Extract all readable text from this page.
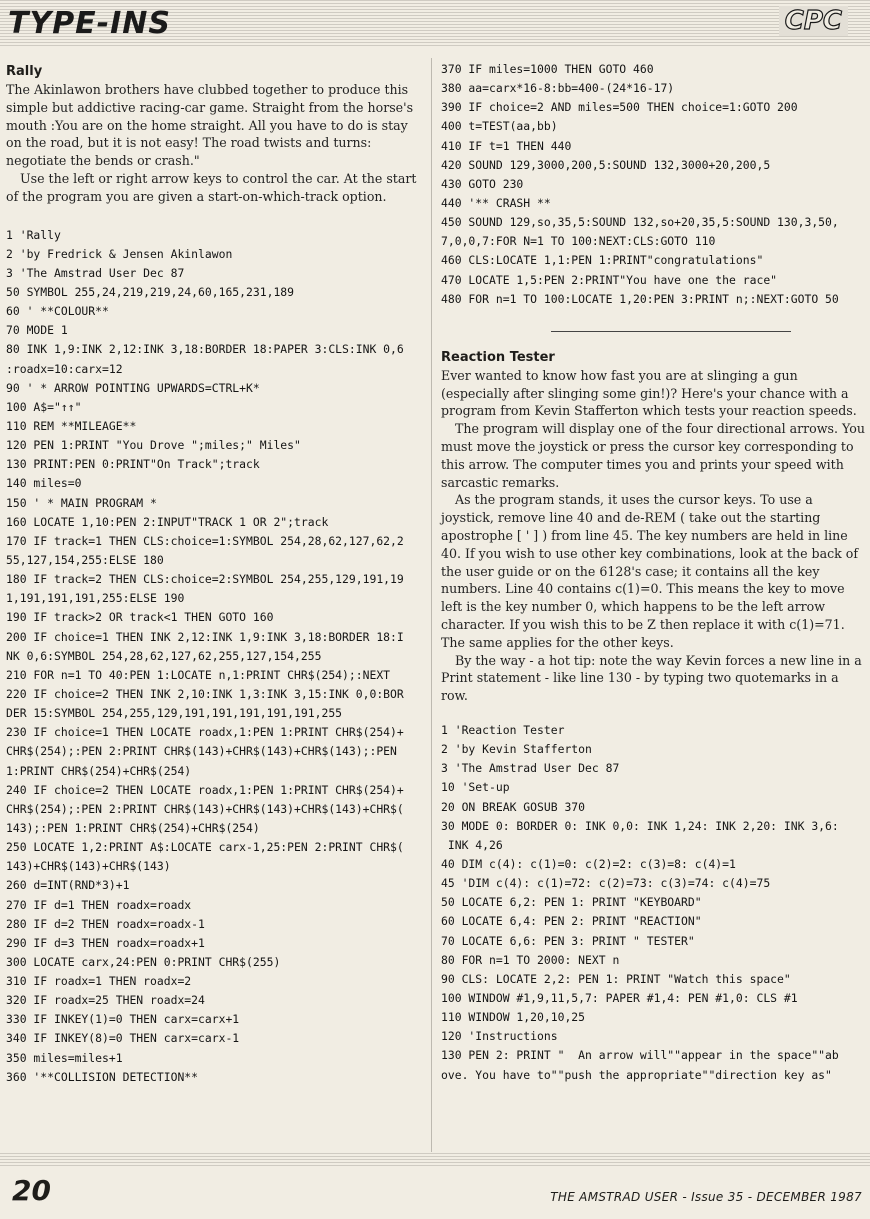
TYPE-INS	CPC
Rally

The Akinlawon brothers have clubbed together to produce this simple but addictive racing-car game. Straight from the horse's mouth :You are on the home straight. All you have to do is stay on the road, but it is not easy! The road twists and turns: negotiate the bends or crash."

Use the left or right arrow keys to control the car. At the start of the program you are given a start-on-which-track option.

1 'Rally
2 'by Fredrick & Jensen Akinlawon
3 'The Amstrad User Dec 87
50 SYMBOL 255,24,219,219,24,60,165,231,189
60 ' **COLOUR**
70 MODE 1
80 INK 1,9:INK 2,12:INK 3,18:BORDER 18:PAPER 3:CLS:INK 0,6
:roadx=10:carx=12
90 ' * ARROW POINTING UPWARDS=CTRL+K*
100 A$="↑↑"
110 REM **MILEAGE**
120 PEN 1:PRINT "You Drove ";miles;" Miles"
130 PRINT:PEN 0:PRINT"On Track";track
140 miles=0
150 ' * MAIN PROGRAM *
160 LOCATE 1,10:PEN 2:INPUT"TRACK 1 OR 2";track
170 IF track=1 THEN CLS:choice=1:SYMBOL 254,28,62,127,62,2
55,127,154,255:ELSE 180
180 IF track=2 THEN CLS:choice=2:SYMBOL 254,255,129,191,19
1,191,191,191,255:ELSE 190
190 IF track>2 OR track<1 THEN GOTO 160
200 IF choice=1 THEN INK 2,12:INK 1,9:INK 3,18:BORDER 18:I
NK 0,6:SYMBOL 254,28,62,127,62,255,127,154,255
210 FOR n=1 TO 40:PEN 1:LOCATE n,1:PRINT CHR$(254);:NEXT
220 IF choice=2 THEN INK 2,10:INK 1,3:INK 3,15:INK 0,0:BOR
DER 15:SYMBOL 254,255,129,191,191,191,191,191,255
230 IF choice=1 THEN LOCATE roadx,1:PEN 1:PRINT CHR$(254)+
CHR$(254);:PEN 2:PRINT CHR$(143)+CHR$(143)+CHR$(143);:PEN
1:PRINT CHR$(254)+CHR$(254)
240 IF choice=2 THEN LOCATE roadx,1:PEN 1:PRINT CHR$(254)+
CHR$(254);:PEN 2:PRINT CHR$(143)+CHR$(143)+CHR$(143)+CHR$(
143);:PEN 1:PRINT CHR$(254)+CHR$(254)
250 LOCATE 1,2:PRINT A$:LOCATE carx-1,25:PEN 2:PRINT CHR$(
143)+CHR$(143)+CHR$(143)
260 d=INT(RND*3)+1
270 IF d=1 THEN roadx=roadx
280 IF d=2 THEN roadx=roadx-1
290 IF d=3 THEN roadx=roadx+1
300 LOCATE carx,24:PEN 0:PRINT CHR$(255)
310 IF roadx=1 THEN roadx=2
320 IF roadx=25 THEN roadx=24
330 IF INKEY(1)=0 THEN carx=carx+1
340 IF INKEY(8)=0 THEN carx=carx-1
350 miles=miles+1
360 '**COLLISION DETECTION**
370 IF miles=1000 THEN GOTO 460
380 aa=carx*16-8:bb=400-(24*16-17)
390 IF choice=2 AND miles=500 THEN choice=1:GOTO 200
400 t=TEST(aa,bb)
410 IF t=1 THEN 440
420 SOUND 129,3000,200,5:SOUND 132,3000+20,200,5
430 GOTO 230
440 '** CRASH **
450 SOUND 129,so,35,5:SOUND 132,so+20,35,5:SOUND 130,3,50,
7,0,0,7:FOR N=1 TO 100:NEXT:CLS:GOTO 110
460 CLS:LOCATE 1,1:PEN 1:PRINT"congratulations"
470 LOCATE 1,5:PEN 2:PRINT"You have one the race"
480 FOR n=1 TO 100:LOCATE 1,20:PEN 3:PRINT n;:NEXT:GOTO 50
Reaction Tester

Ever wanted to know how fast you are at slinging a gun (especially after slinging some gin!)? Here's your chance with a program from Kevin Stafferton which tests your reaction speeds.

The program will display one of the four directional arrows. You must move the joystick or press the cursor key corresponding to this arrow. The computer times you and prints your speed with sarcastic remarks.

As the program stands, it uses the cursor keys. To use a joystick, remove line 40 and de-REM ( take out the starting apostrophe [ ' ] ) from line 45. The key numbers are held in line 40. If you wish to use other key combinations, look at the back of the user guide or on the 6128's case; it contains all the key numbers. Line 40 contains c(1)=0. This means the key to move left is the key number 0, which happens to be the left arrow character. If you wish this to be Z then replace it with c(1)=71. The same applies for the other keys.

By the way - a hot tip: note the way Kevin forces a new line in a Print statement - like line 130 - by typing two quotemarks in a row.

1 'Reaction Tester
2 'by Kevin Stafferton
3 'The Amstrad User Dec 87
10 'Set-up
20 ON BREAK GOSUB 370
30 MODE 0: BORDER 0: INK 0,0: INK 1,24: INK 2,20: INK 3,6:
INK 4,26
40 DIM c(4): c(1)=0: c(2)=2: c(3)=8: c(4)=1
45 'DIM c(4): c(1)=72: c(2)=73: c(3)=74: c(4)=75
50 LOCATE 6,2: PEN 1: PRINT "KEYBOARD"
60 LOCATE 6,4: PEN 2: PRINT "REACTION"
70 LOCATE 6,6: PEN 3: PRINT " TESTER"
80 FOR n=1 TO 2000: NEXT n
90 CLS: LOCATE 2,2: PEN 1: PRINT "Watch this space"
100 WINDOW #1,9,11,5,7: PAPER #1,4: PEN #1,0: CLS #1
110 WINDOW 1,20,10,25
120 'Instructions
130 PEN 2: PRINT "  An arrow will""appear in the space""ab
ove. You have to""push the appropriate""direction key as"
20	THE AMSTRAD USER - Issue 35 - DECEMBER 1987
